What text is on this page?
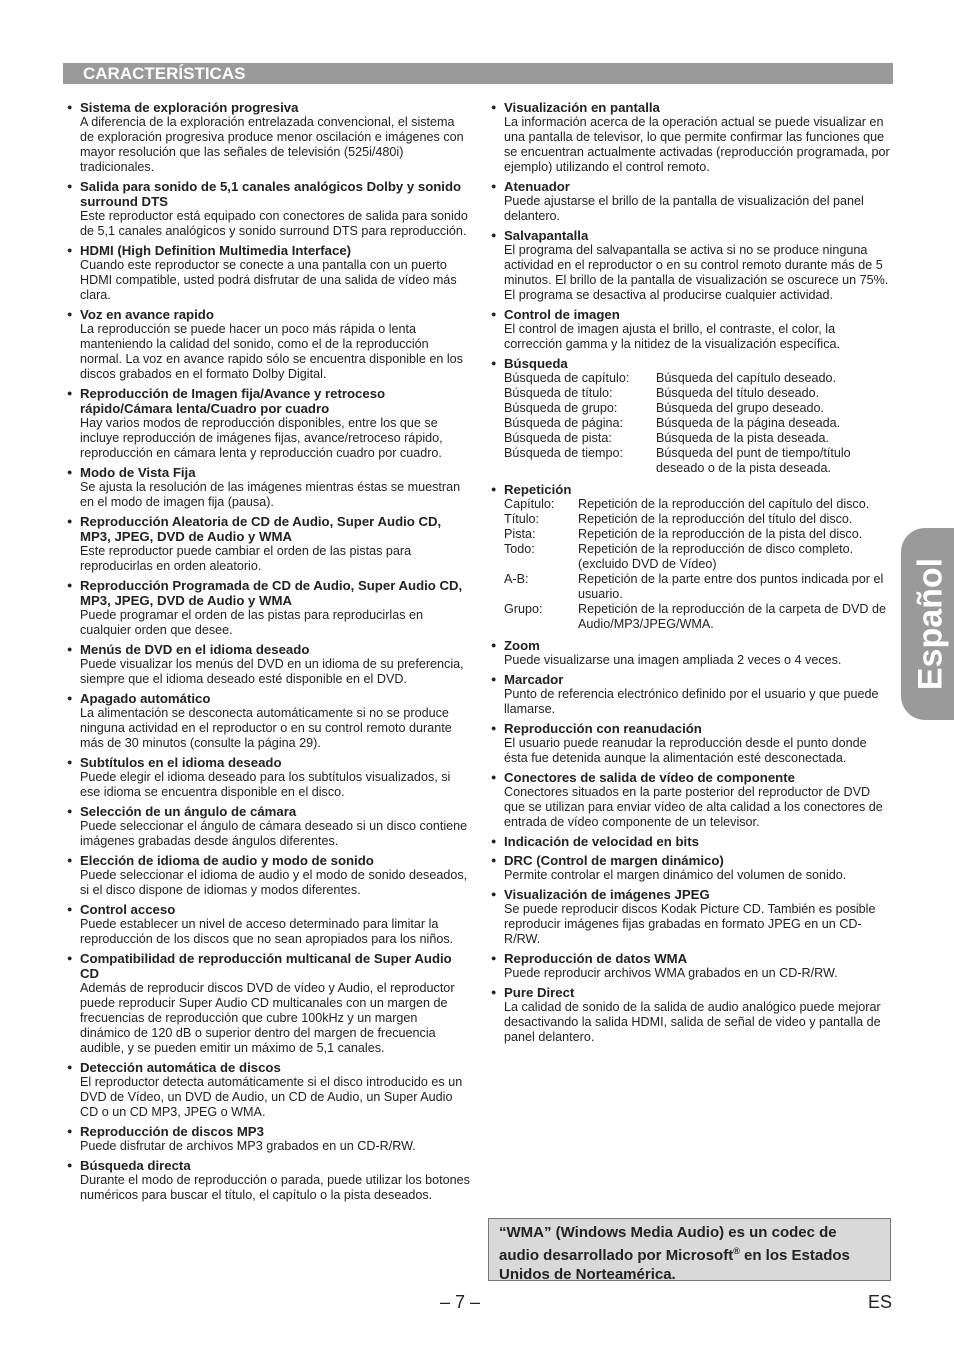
CARACTERÍSTICAS
● Sistema de exploración progresiva
A diferencia de la exploración entrelazada convencional, el sistema de exploración progresiva produce menor oscilación e imágenes con mayor resolución que las señales de televisión (525i/480i) tradicionales.
● Salida para sonido de 5,1 canales analógicos Dolby y sonido surround DTS
Este reproductor está equipado con conectores de salida para sonido de 5,1 canales analógicos y sonido surround DTS para reproducción.
● HDMI (High Definition Multimedia Interface)
Cuando este reproductor se conecte a una pantalla con un puerto HDMI compatible, usted podrá disfrutar de una salida de vídeo más clara.
● Voz en avance rapido
La reproducción se puede hacer un poco más rápida o lenta manteniendo la calidad del sonido, como el de la reproducción normal. La voz en avance rapido sólo se encuentra disponible en los discos grabados en el formato Dolby Digital.
● Reproducción de Imagen fija/Avance y retroceso rápido/Cámara lenta/Cuadro por cuadro
Hay varios modos de reproducción disponibles, entre los que se incluye reproducción de imágenes fijas, avance/retroceso rápido, reproducción en cámara lenta y reproducción cuadro por cuadro.
● Modo de Vista Fija
Se ajusta la resolución de las imágenes mientras éstas se muestran en el modo de imagen fija (pausa).
● Reproducción Aleatoria de CD de Audio, Super Audio CD, MP3, JPEG, DVD de Audio y WMA
Este reproductor puede cambiar el orden de las pistas para reproducirlas en orden aleatorio.
● Reproducción Programada de CD de Audio, Super Audio CD, MP3, JPEG, DVD de Audio y WMA
Puede programar el orden de las pistas para reproducirlas en cualquier orden que desee.
● Menús de DVD en el idioma deseado
Puede visualizar los menús del DVD en un idioma de su preferencia, siempre que el idioma deseado esté disponible en el DVD.
● Apagado automático
La alimentación se desconecta automáticamente si no se produce ninguna actividad en el reproductor o en su control remoto durante más de 30 minutos (consulte la página 29).
● Subtítulos en el idioma deseado
Puede elegir el idioma deseado para los subtítulos visualizados, si ese idioma se encuentra disponible en el disco.
● Selección de un ángulo de cámara
Puede seleccionar el ángulo de cámara deseado si un disco contiene imágenes grabadas desde ángulos diferentes.
● Elección de idioma de audio y modo de sonido
Puede seleccionar el idioma de audio y el modo de sonido deseados, si el disco dispone de idiomas y modos diferentes.
● Control acceso
Puede establecer un nivel de acceso determinado para limitar la reproducción de los discos que no sean apropiados para los niños.
● Compatibilidad de reproducción multicanal de Super Audio CD
Además de reproducir discos DVD de vídeo y Audio, el reproductor puede reproducir Super Audio CD multicanales con un margen de frecuencias de reproducción que cubre 100kHz y un margen dinámico de 120 dB o superior dentro del margen de frecuencia audible, y se pueden emitir un máximo de 5,1 canales.
● Detección automática de discos
El reproductor detecta automáticamente si el disco introducido es un DVD de Vídeo, un DVD de Audio, un CD de Audio, un Super Audio CD o un CD MP3, JPEG o WMA.
● Reproducción de discos MP3
Puede disfrutar de archivos MP3 grabados en un CD-R/RW.
● Búsqueda directa
Durante el modo de reproducción o parada, puede utilizar los botones numéricos para buscar el título, el capítulo o la pista deseados.
● Visualización en pantalla
La información acerca de la operación actual se puede visualizar en una pantalla de televisor, lo que permite confirmar las funciones que se encuentran actualmente activadas (reproducción programada, por ejemplo) utilizando el control remoto.
● Atenuador
Puede ajustarse el brillo de la pantalla de visualización del panel delantero.
● Salvapantalla
El programa del salvapantalla se activa si no se produce ninguna actividad en el reproductor o en su control remoto durante más de 5 minutos. El brillo de la pantalla de visualización se oscurece un 75%. El programa se desactiva al producirse cualquier actividad.
● Control de imagen
El control de imagen ajusta el brillo, el contraste, el color, la corrección gamma y la nitidez de la visualización específica.
● Búsqueda
Búsqueda de capítulo:	Búsqueda del capítulo deseado.
Búsqueda de título:	Búsqueda del título deseado.
Búsqueda de grupo:	Búsqueda del grupo deseado.
Búsqueda de página:	Búsqueda de la página deseada.
Búsqueda de pista:	Búsqueda de la pista deseada.
Búsqueda de tiempo:	Búsqueda del punt de tiempo/título deseado o de la pista deseada.
● Repetición
Capítulo:	Repetición de la reproducción del capítulo del disco.
Título:	Repetición de la reproducción del título del disco.
Pista:	Repetición de la reproducción de la pista del disco.
Todo:	Repetición de la reproducción de disco completo. (excluido DVD de Vídeo)
A-B:	Repetición de la parte entre dos puntos indicada por el usuario.
Grupo:	Repetición de la reproducción de la carpeta de DVD de Audio/MP3/JPEG/WMA.
● Zoom
Puede visualizarse una imagen ampliada 2 veces o 4 veces.
● Marcador
Punto de referencia electrónico definido por el usuario y que puede llamarse.
● Reproducción con reanudación
El usuario puede reanudar la reproducción desde el punto donde ésta fue detenida aunque la alimentación esté desconectada.
● Conectores de salida de vídeo de componente
Conectores situados en la parte posterior del reproductor de DVD que se utilizan para enviar vídeo de alta calidad a los conectores de entrada de vídeo componente de un televisor.
● Indicación de velocidad en bits
● DRC (Control de margen dinámico)
Permite controlar el margen dinámico del volumen de sonido.
● Visualización de imágenes JPEG
Se puede reproducir discos Kodak Picture CD. También es posible reproducir imágenes fijas grabadas en formato JPEG en un CD-R/RW.
● Reproducción de datos WMA
Puede reproducir archivos WMA grabados en un CD-R/RW.
● Pure Direct
La calidad de sonido de la salida de audio analógico puede mejorar desactivando la salida HDMI, salida de señal de video y pantalla de panel delantero.
“WMA” (Windows Media Audio) es un codec de audio desarrollado por Microsoft® en los Estados Unidos de Norteamérica.
– 7 –	ES
Español
